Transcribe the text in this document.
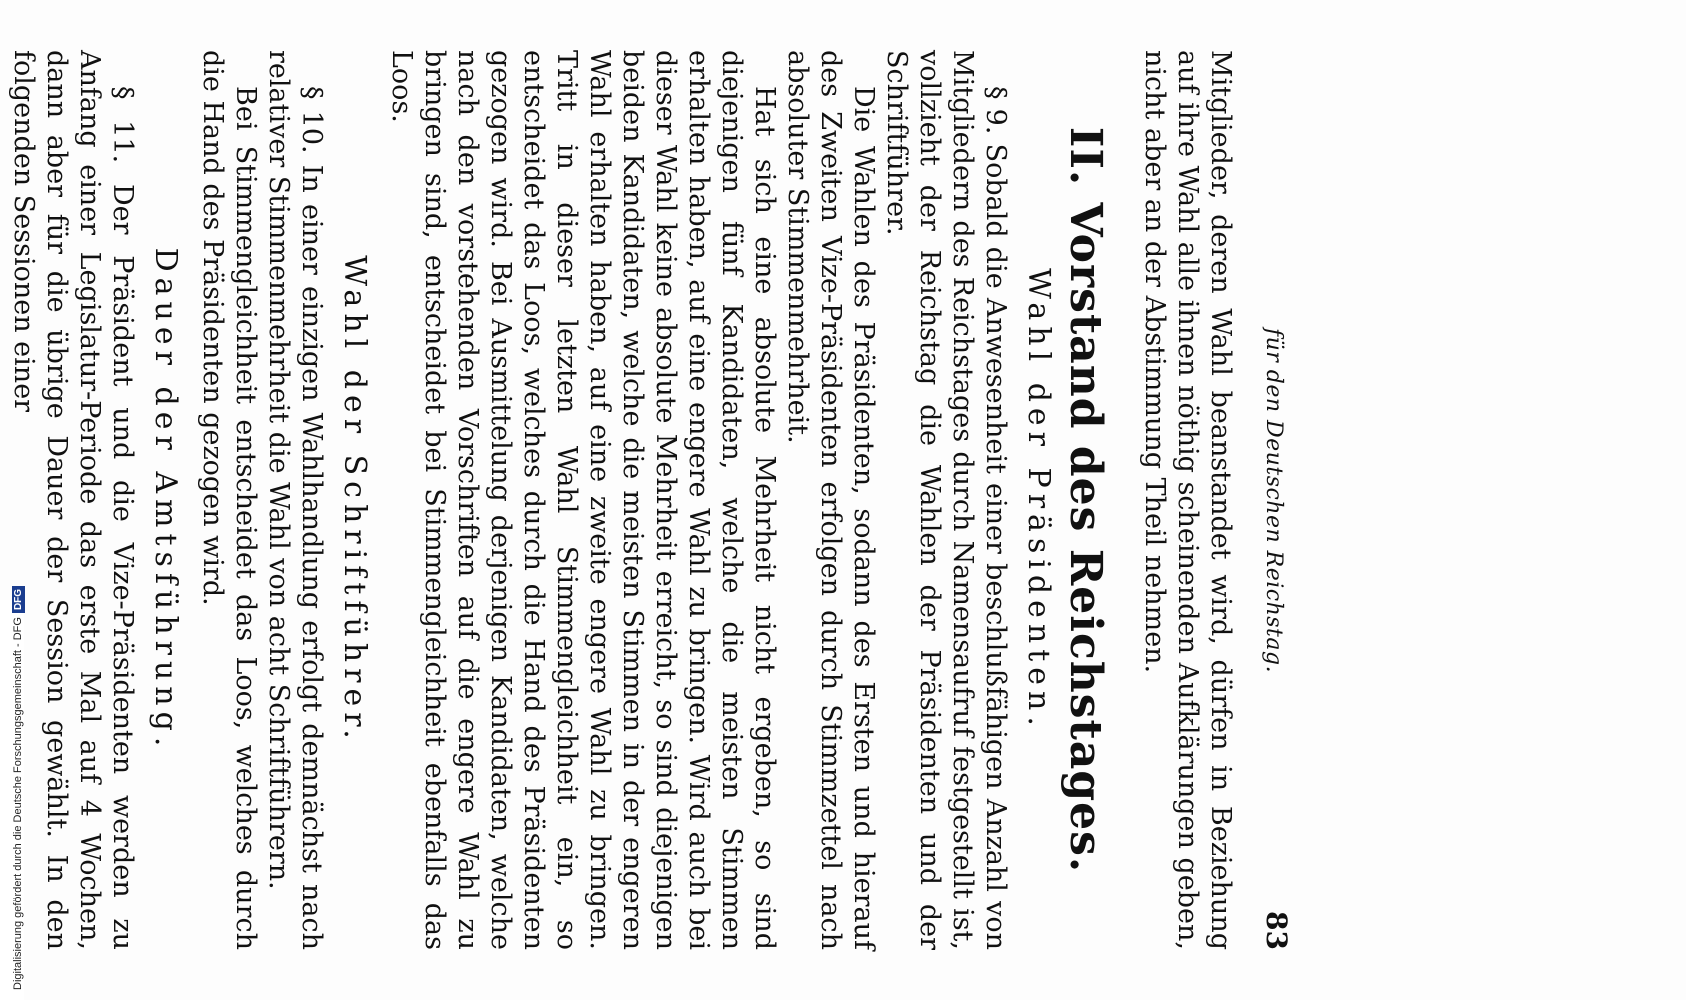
Digitalisierung gefördert durch die Deutsche Forschungsgemeinschaft - DFGDFG	für den Deutschen Reichstag.
83

Mitglieder, deren Wahl beanstandet wird, dürfen in Beziehung auf ihre Wahl alle ihnen nöthig scheinenden Aufklärungen geben, nicht aber an der Abstimmung Theil nehmen.

II. Vorstand des Reichstages.
Wahl der Präsidenten.

§ 9. Sobald die Anwesenheit einer beschlußfähigen Anzahl von Mitgliedern des Reichstages durch Namensaufruf festgestellt ist, vollzieht der Reichstag die Wahlen der Präsidenten und der Schriftführer.

Die Wahlen des Präsidenten, sodann des Ersten und hierauf des Zweiten Vize-Präsidenten erfolgen durch Stimmzettel nach absoluter Stimmenmehrheit.

Hat sich eine absolute Mehrheit nicht ergeben, so sind diejenigen fünf Kandidaten, welche die meisten Stimmen erhalten haben, auf eine engere Wahl zu bringen. Wird auch bei dieser Wahl keine absolute Mehrheit erreicht, so sind diejenigen beiden Kandidaten, welche die meisten Stimmen in der engeren Wahl erhalten haben, auf eine zweite engere Wahl zu bringen. Tritt in dieser letzten Wahl Stimmengleichheit ein, so entscheidet das Loos, welches durch die Hand des Präsidenten gezogen wird. Bei Ausmittelung derjenigen Kandidaten, welche nach den vorstehenden Vorschriften auf die engere Wahl zu bringen sind, entscheidet bei Stimmengleichheit ebenfalls das Loos.

Wahl der Schriftführer.

§ 10. In einer einzigen Wahlhandlung erfolgt demnächst nach relativer Stimmenmehrheit die Wahl von acht Schriftführern.

Bei Stimmengleichheit entscheidet das Loos, welches durch die Hand des Präsidenten gezogen wird.

Dauer der Amtsführung.

§ 11. Der Präsident und die Vize-Präsidenten werden zu Anfang einer Legislatur-Periode das erste Mal auf 4 Wochen, dann aber für die übrige Dauer der Session gewählt. In den folgenden Sessionen einer
